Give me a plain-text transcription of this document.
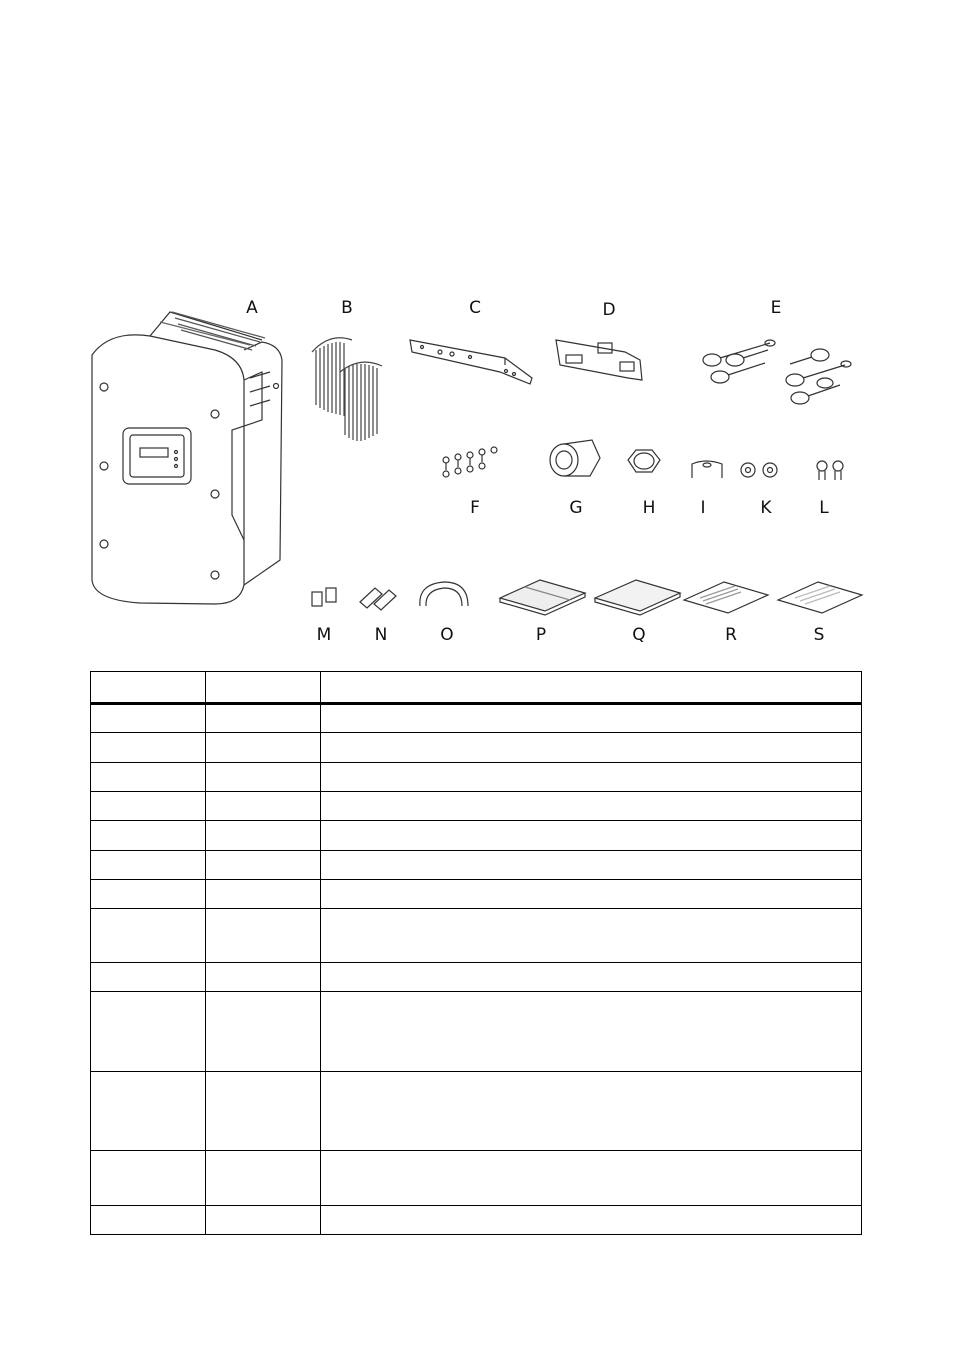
A	B	C	D	E
F	G	H	I	K	L
M	N	O	P	Q	R	S
